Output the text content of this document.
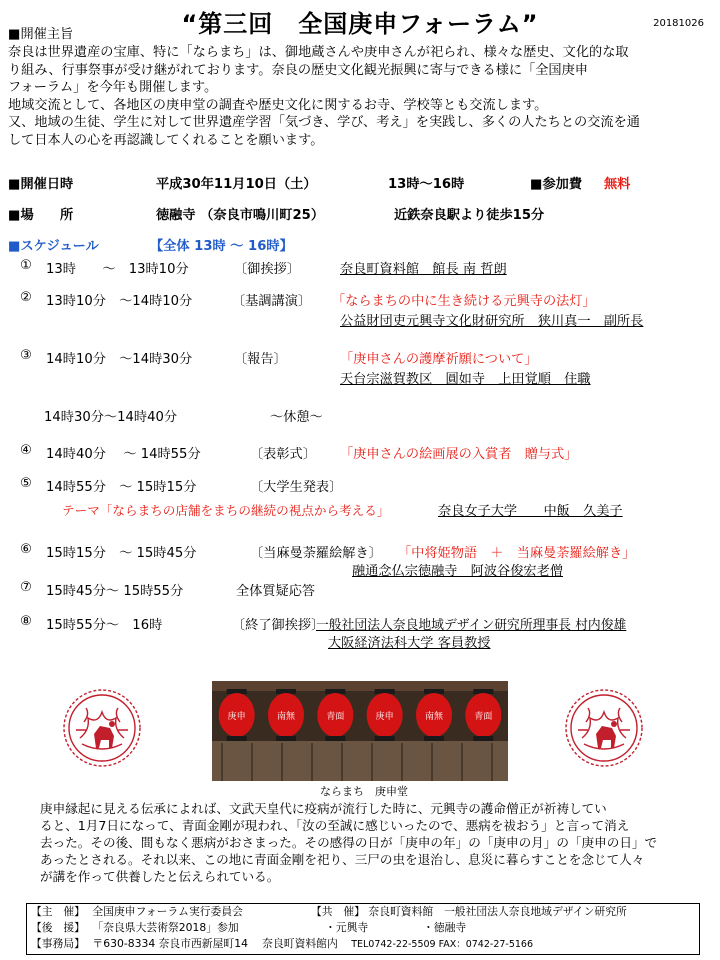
“第三回　全国庚申フォーラム”	20181026
■開催主旨
奈良は世界遺産の宝庫、特に「ならまち」は、御地蔵さんや庚申さんが祀られ、様々な歴史、文化的な取
り組み、行事祭事が受け継がれております。奈良の歴史文化観光振興に寄与できる様に「全国庚申
フォーラム」を今年も開催します。
地域交流として、各地区の庚申堂の調査や歴史文化に関するお寺、学校等とも交流します。
又、地域の生徒、学生に対して世界遺産学習「気づき、学び、考え」を実践し、多くの人たちとの交流を通
して日本人の心を再認識してくれることを願います。
■開催日時	平成30年11月10日（土）	13時～16時	■参加費 無料
■場　　所	徳融寺 （奈良市鳴川町25）	近鉄奈良駅より徒歩15分
■スケジュール	【全体 13時 ～ 16時】
① 13時　　～　13時10分	〔御挨拶〕	奈良町資料館　館長 南 哲朗
② 13時10分　～14時10分	〔基調講演〕 「ならまちの中に生き続ける元興寺の法灯」
公益財団吏元興寺文化財研究所　狭川真一　副所長
③ 14時10分　～14時30分	〔報告〕	「庚申さんの護摩祈願について」
天台宗滋賀教区　圓如寺　上田覚順　住職
14時30分～14時40分	～休憩～
④ 14時40分　 ～ 14時55分	〔表彰式〕 「庚申さんの絵画展の入賞者　贈与式」
⑤ 14時55分　～ 15時15分	〔大学生発表〕
テーマ「ならまちの店舗をまちの継続の視点から考える」	奈良女子大学　　中飯　久美子
⑥ 15時15分　～ 15時45分	〔当麻曼荼羅絵解き〕 「中将姫物語　＋　当麻曼荼羅絵解き」
融通念仏宗徳融寺　阿波谷俊宏老僧
⑦ 15時45分～ 15時55分	全体質疑応答
⑧ 15時55分～　16時	〔終了御挨拶〕
一般社団法人奈良地域デザイン研究所理事長 村内俊雄
大阪経済法科大学 客員教授
庚申	南無	青面	庚申	南無	青面
ならまち　庚申堂
庚申縁起に見える伝承によれば、文武天皇代に疫病が流行した時に、元興寺の護命僧正が祈祷してい
ると、1月7日になって、青面金剛が現われ、「汝の至誠に感じいったので、悪病を祓おう」と言って消え
去った。その後、間もなく悪病がおさまった。その感得の日が「庚申の年」の「庚申の月」の「庚申の日」で
あったとされる。それ以来、この地に青面金剛を祀り、三尸の虫を退治し、息災に暮らすことを念じて人々
が講を作って供養したと伝えられている。
【主　催】 全国庚申フォーラム実行委員会	【共　催】 奈良町資料館　一般社団法人奈良地域デザイン研究所
【後　援】 「奈良県大芸術祭2018」参加	・元興寺	・徳融寺
【事務局】 〒630-8334 奈良市西新屋町14　 奈良町資料館内 TEL0742-22-5509 FAX：0742-27-5166
